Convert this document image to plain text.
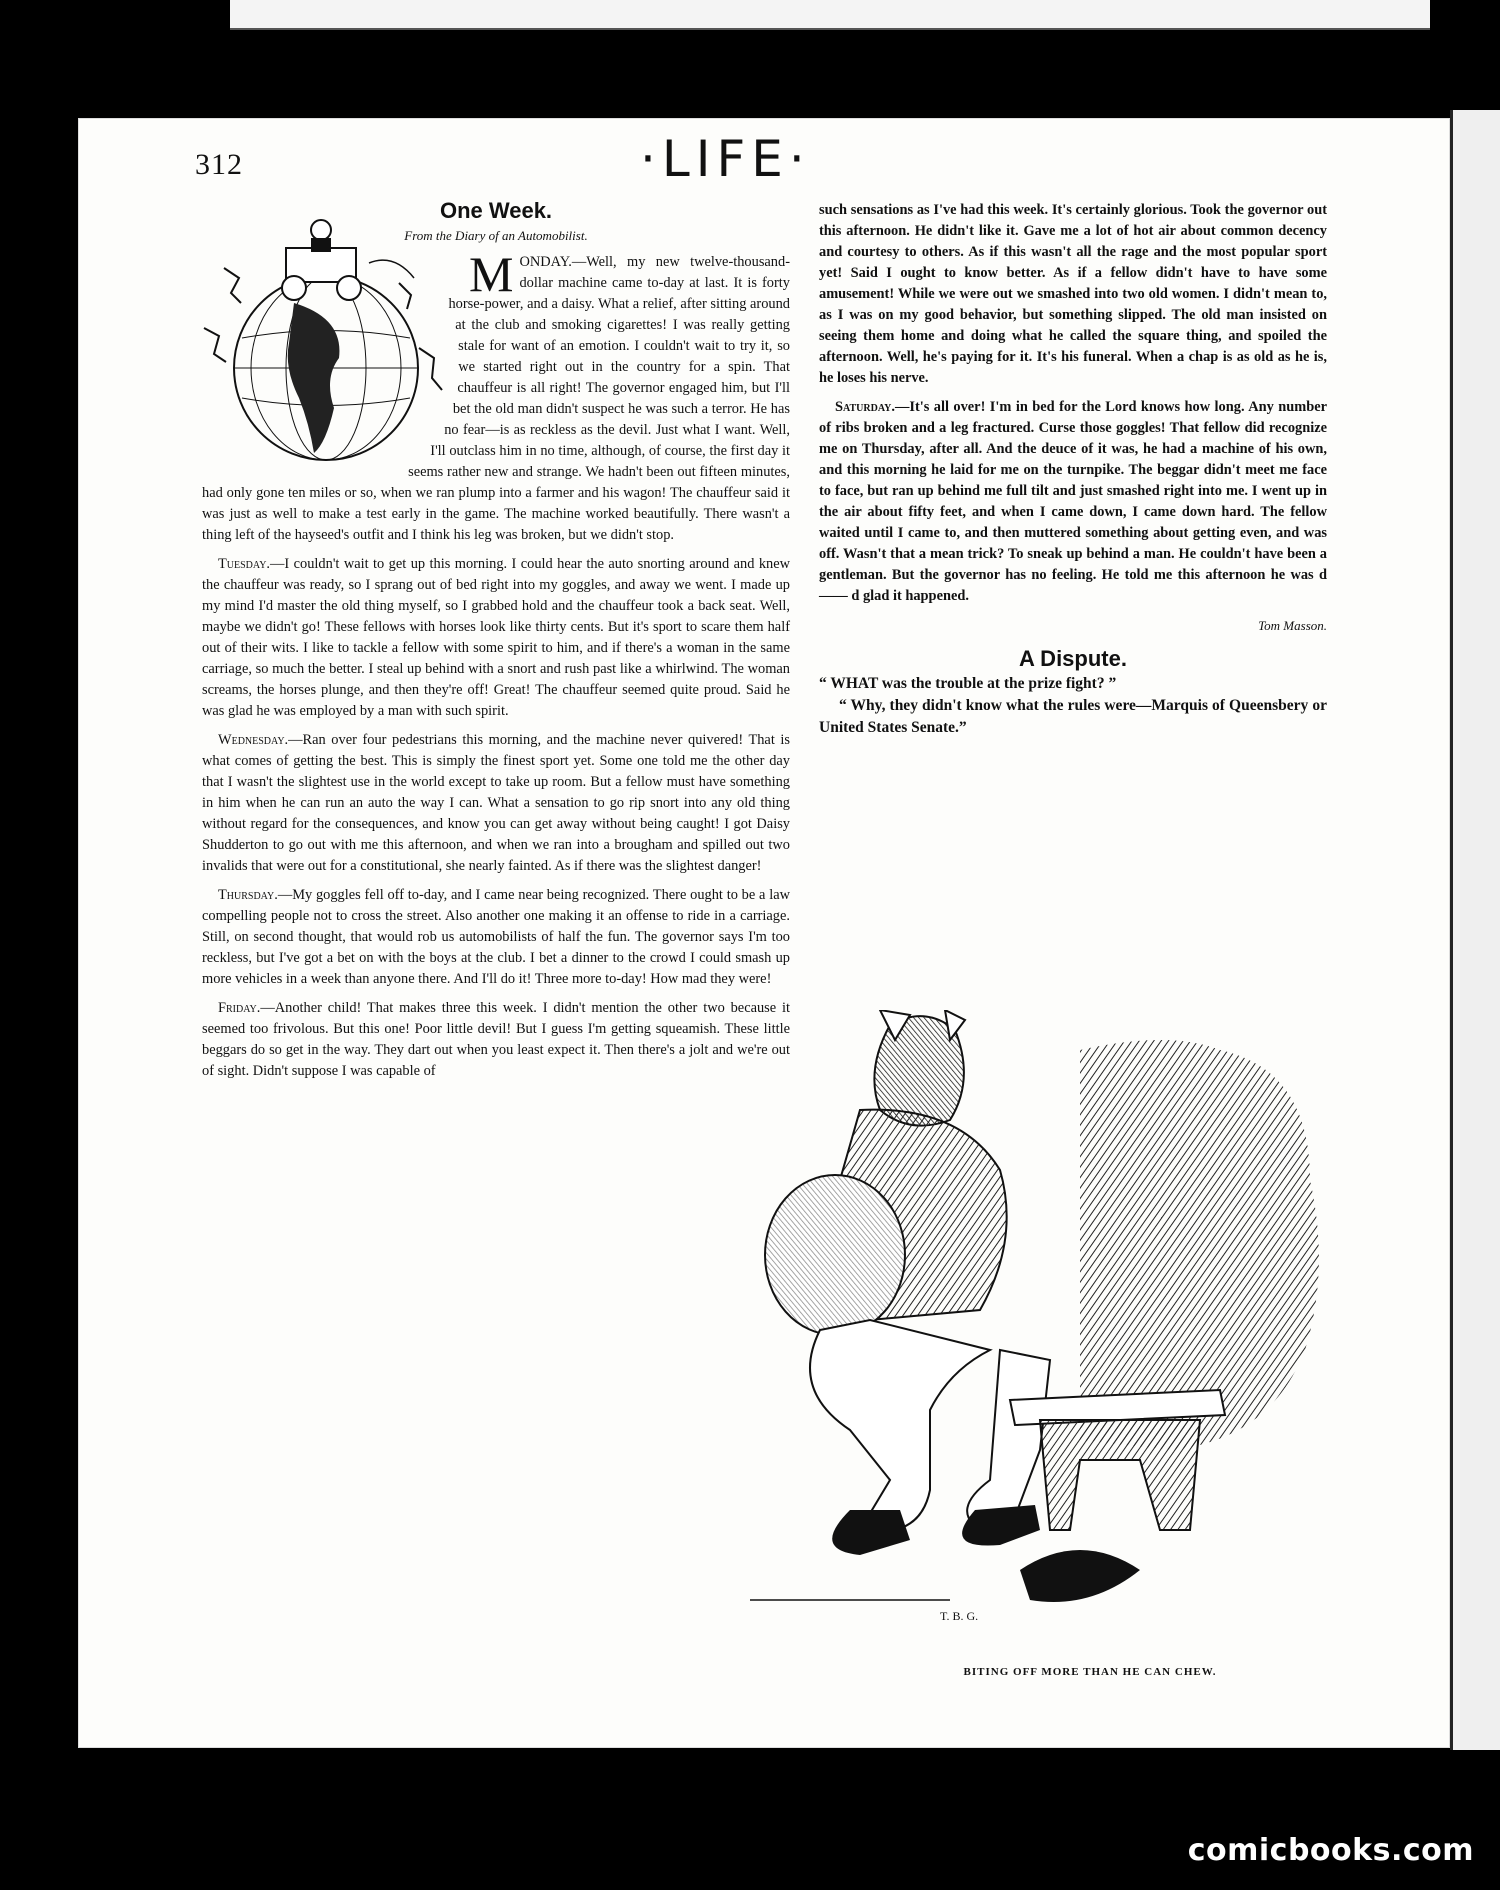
312	·LIFE·
One Week.
From the Diary of an Automobilist.

MONDAY.—Well, my new twelve-thousand-dollar machine came to-day at last. It is forty horse-power, and a daisy. What a relief, after sitting around at the club and smoking cigarettes! I was really getting stale for want of an emotion. I couldn't wait to try it, so we started right out in the country for a spin. That chauffeur is all right! The governor engaged him, but I'll bet the old man didn't suspect he was such a terror. He has no fear—is as reckless as the devil. Just what I want. Well, I'll outclass him in no time, although, of course, the first day it seems rather new and strange. We hadn't been out fifteen minutes, had only gone ten miles or so, when we ran plump into a farmer and his wagon! The chauffeur said it was just as well to make a test early in the game. The machine worked beautifully. There wasn't a thing left of the hayseed's outfit and I think his leg was broken, but we didn't stop.

Tuesday.—I couldn't wait to get up this morning. I could hear the auto snorting around and knew the chauffeur was ready, so I sprang out of bed right into my goggles, and away we went. I made up my mind I'd master the old thing myself, so I grabbed hold and the chauffeur took a back seat. Well, maybe we didn't go! These fellows with horses look like thirty cents. But it's sport to scare them half out of their wits. I like to tackle a fellow with some spirit to him, and if there's a woman in the same carriage, so much the better. I steal up behind with a snort and rush past like a whirlwind. The woman screams, the horses plunge, and then they're off! Great! The chauffeur seemed quite proud. Said he was glad he was employed by a man with such spirit.

Wednesday.—Ran over four pedestrians this morning, and the machine never quivered! That is what comes of getting the best. This is simply the finest sport yet. Some one told me the other day that I wasn't the slightest use in the world except to take up room. But a fellow must have something in him when he can run an auto the way I can. What a sensation to go rip snort into any old thing without regard for the consequences, and know you can get away without being caught! I got Daisy Shudderton to go out with me this afternoon, and when we ran into a brougham and spilled out two invalids that were out for a constitutional, she nearly fainted. As if there was the slightest danger!

Thursday.—My goggles fell off to-day, and I came near being recognized. There ought to be a law compelling people not to cross the street. Also another one making it an offense to ride in a carriage. Still, on second thought, that would rob us automobilists of half the fun. The governor says I'm too reckless, but I've got a bet on with the boys at the club. I bet a dinner to the crowd I could smash up more vehicles in a week than anyone there. And I'll do it! Three more to-day! How mad they were!

Friday.—Another child! That makes three this week. I didn't mention the other two because it seemed too frivolous. But this one! Poor little devil! But I guess I'm getting squeamish. These little beggars do so get in the way. They dart out when you least expect it. Then there's a jolt and we're out of sight. Didn't suppose I was capable of

such sensations as I've had this week. It's certainly glorious. Took the governor out this afternoon. He didn't like it. Gave me a lot of hot air about common decency and courtesy to others. As if this wasn't all the rage and the most popular sport yet! Said I ought to know better. As if a fellow didn't have to have some amusement! While we were out we smashed into two old women. I didn't mean to, as I was on my good behavior, but something slipped. The old man insisted on seeing them home and doing what he called the square thing, and spoiled the afternoon. Well, he's paying for it. It's his funeral. When a chap is as old as he is, he loses his nerve.

Saturday.—It's all over! I'm in bed for the Lord knows how long. Any number of ribs broken and a leg fractured. Curse those goggles! That fellow did recognize me on Thursday, after all. And the deuce of it was, he had a machine of his own, and this morning he laid for me on the turnpike. The beggar didn't meet me face to face, but ran up behind me full tilt and just smashed right into me. I went up in the air about fifty feet, and when I came down, I came down hard. The fellow waited until I came to, and then muttered something about getting even, and was off. Wasn't that a mean trick? To sneak up behind a man. He couldn't have been a gentleman. But the governor has no feeling. He told me this afternoon he was d —— d glad it happened.

Tom Masson.
A Dispute.

“ WHAT was the trouble at the prize fight? ”

“ Why, they didn't know what the rules were—Marquis of Queensbery or United States Senate.”

T. B. G.
BITING OFF MORE THAN HE CAN CHEW.
comicbooks.com
